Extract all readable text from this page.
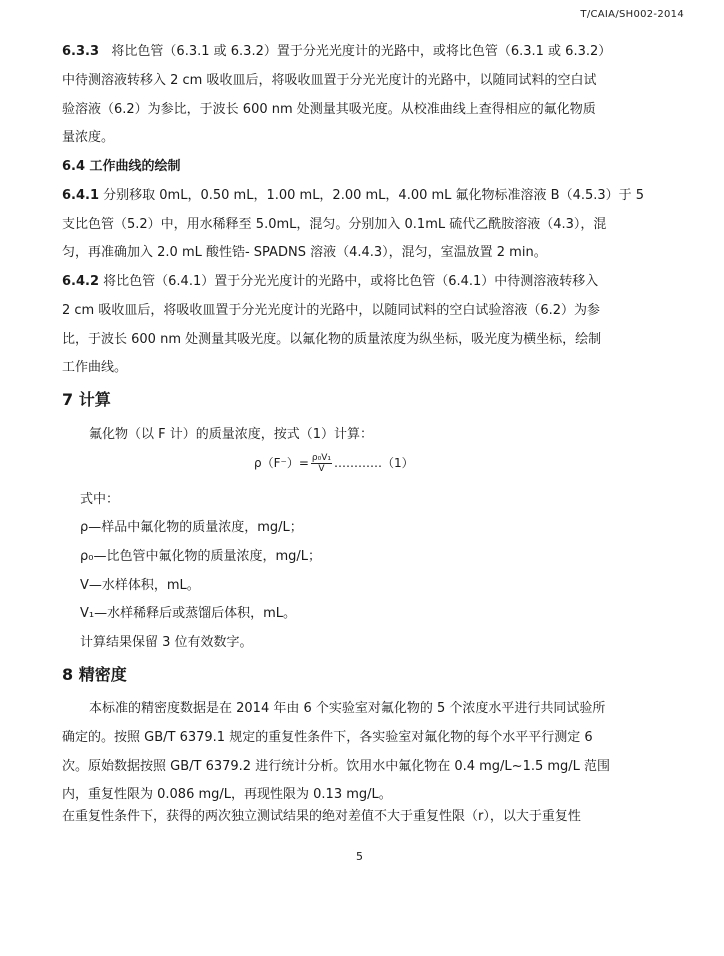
T/CAIA/SH002-2014
6.3.3 将比色管（6.3.1 或 6.3.2）置于分光光度计的光路中，或将比色管（6.3.1 或 6.3.2）
中待测溶液转移入 2 cm 吸收皿后，将吸收皿置于分光光度计的光路中，以随同试料的空白试
验溶液（6.2）为参比，于波长 600 nm 处测量其吸光度。从校准曲线上查得相应的氟化物质
量浓度。
6.4 工作曲线的绘制
6.4.1 分别移取 0mL，0.50 mL，1.00 mL，2.00 mL，4.00 mL 氟化物标准溶液 B（4.5.3）于 5
支比色管（5.2）中，用水稀释至 5.0mL，混匀。分别加入 0.1mL 硫代乙酰胺溶液（4.3），混
匀，再准确加入 2.0 mL 酸性锆- SPADNS 溶液（4.4.3），混匀，室温放置 2 min。
6.4.2 将比色管（6.4.1）置于分光光度计的光路中，或将比色管（6.4.1）中待测溶液转移入
2 cm 吸收皿后，将吸收皿置于分光光度计的光路中，以随同试料的空白试验溶液（6.2）为参
比，于波长 600 nm 处测量其吸光度。以氟化物的质量浓度为纵坐标，吸光度为横坐标，绘制
工作曲线。
7 计算
氟化物（以 F 计）的质量浓度，按式（1）计算：
$\rho(F^-)= \frac{\text{ρ₀V₁}}{V}$ …………（1）
式中：
ρ—样品中氟化物的质量浓度，mg/L；
ρ₀—比色管中氟化物的质量浓度，mg/L；
V—水样体积，mL。
V₁—水样稀释后或蒸馏后体积，mL。
计算结果保留 3 位有效数字。
8 精密度
本标准的精密度数据是在 2014 年由 6 个实验室对氟化物的 5 个浓度水平进行共同试验所
确定的。按照 GB/T 6379.1 规定的重复性条件下，各实验室对氟化物的每个水平平行测定 6
次。原始数据按照 GB/T 6379.2 进行统计分析。饮用水中氟化物在 0.4 mg/L~1.5 mg/L 范围
内，重复性限为 0.086 mg/L，再现性限为 0.13 mg/L。
在重复性条件下，获得的两次独立测试结果的绝对差值不大于重复性限（r），以大于重复性
5
